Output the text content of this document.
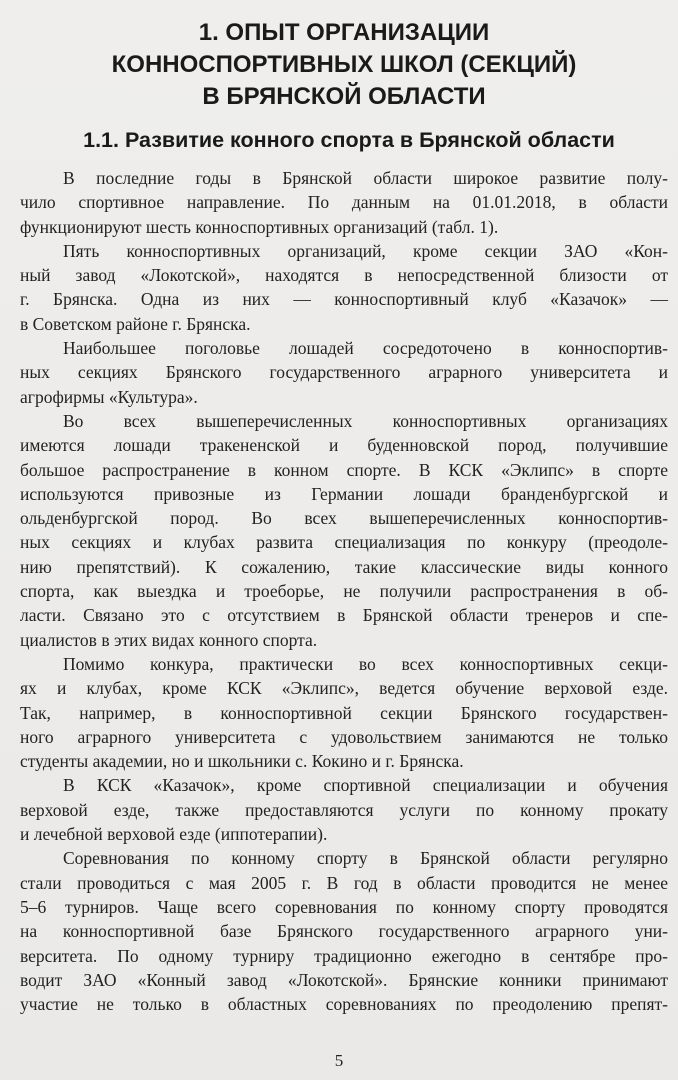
1. ОПЫТ ОРГАНИЗАЦИИ
КОННОСПОРТИВНЫХ ШКОЛ (СЕКЦИЙ)
В БРЯНСКОЙ ОБЛАСТИ
1.1. Развитие конного спорта в Брянской области
В последние годы в Брянской области широкое развитие полу-
чило спортивное направление. По данным на 01.01.2018, в области
функционируют шесть конноспортивных организаций (табл. 1).
Пять конноспортивных организаций, кроме секции ЗАО «Кон-
ный завод «Локотской», находятся в непосредственной близости от
г. Брянска. Одна из них — конноспортивный клуб «Казачок» —
в Советском районе г. Брянска.
Наибольшее поголовье лошадей сосредоточено в конноспортив-
ных секциях Брянского государственного аграрного университета и
агрофирмы «Культура».
Во всех вышеперечисленных конноспортивных организациях
имеются лошади тракененской и буденновской пород, получившие
большое распространение в конном спорте. В КСК «Эклипс» в спорте
используются привозные из Германии лошади бранденбургской и
ольденбургской пород. Во всех вышеперечисленных конноспортив-
ных секциях и клубах развита специализация по конкуру (преодоле-
нию препятствий). К сожалению, такие классические виды конного
спорта, как выездка и троеборье, не получили распространения в об-
ласти. Связано это с отсутствием в Брянской области тренеров и спе-
циалистов в этих видах конного спорта.
Помимо конкура, практически во всех конноспортивных секци-
ях и клубах, кроме КСК «Эклипс», ведется обучение верховой езде.
Так, например, в конноспортивной секции Брянского государствен-
ного аграрного университета с удовольствием занимаются не только
студенты академии, но и школьники с. Кокино и г. Брянска.
В КСК «Казачок», кроме спортивной специализации и обучения
верховой езде, также предоставляются услуги по конному прокату
и лечебной верховой езде (иппотерапии).
Соревнования по конному спорту в Брянской области регулярно
стали проводиться с мая 2005 г. В год в области проводится не менее
5–6 турниров. Чаще всего соревнования по конному спорту проводятся
на конноспортивной базе Брянского государственного аграрного уни-
верситета. По одному турниру традиционно ежегодно в сентябре про-
водит ЗАО «Конный завод «Локотской». Брянские конники принимают
участие не только в областных соревнованиях по преодолению препят-
5
